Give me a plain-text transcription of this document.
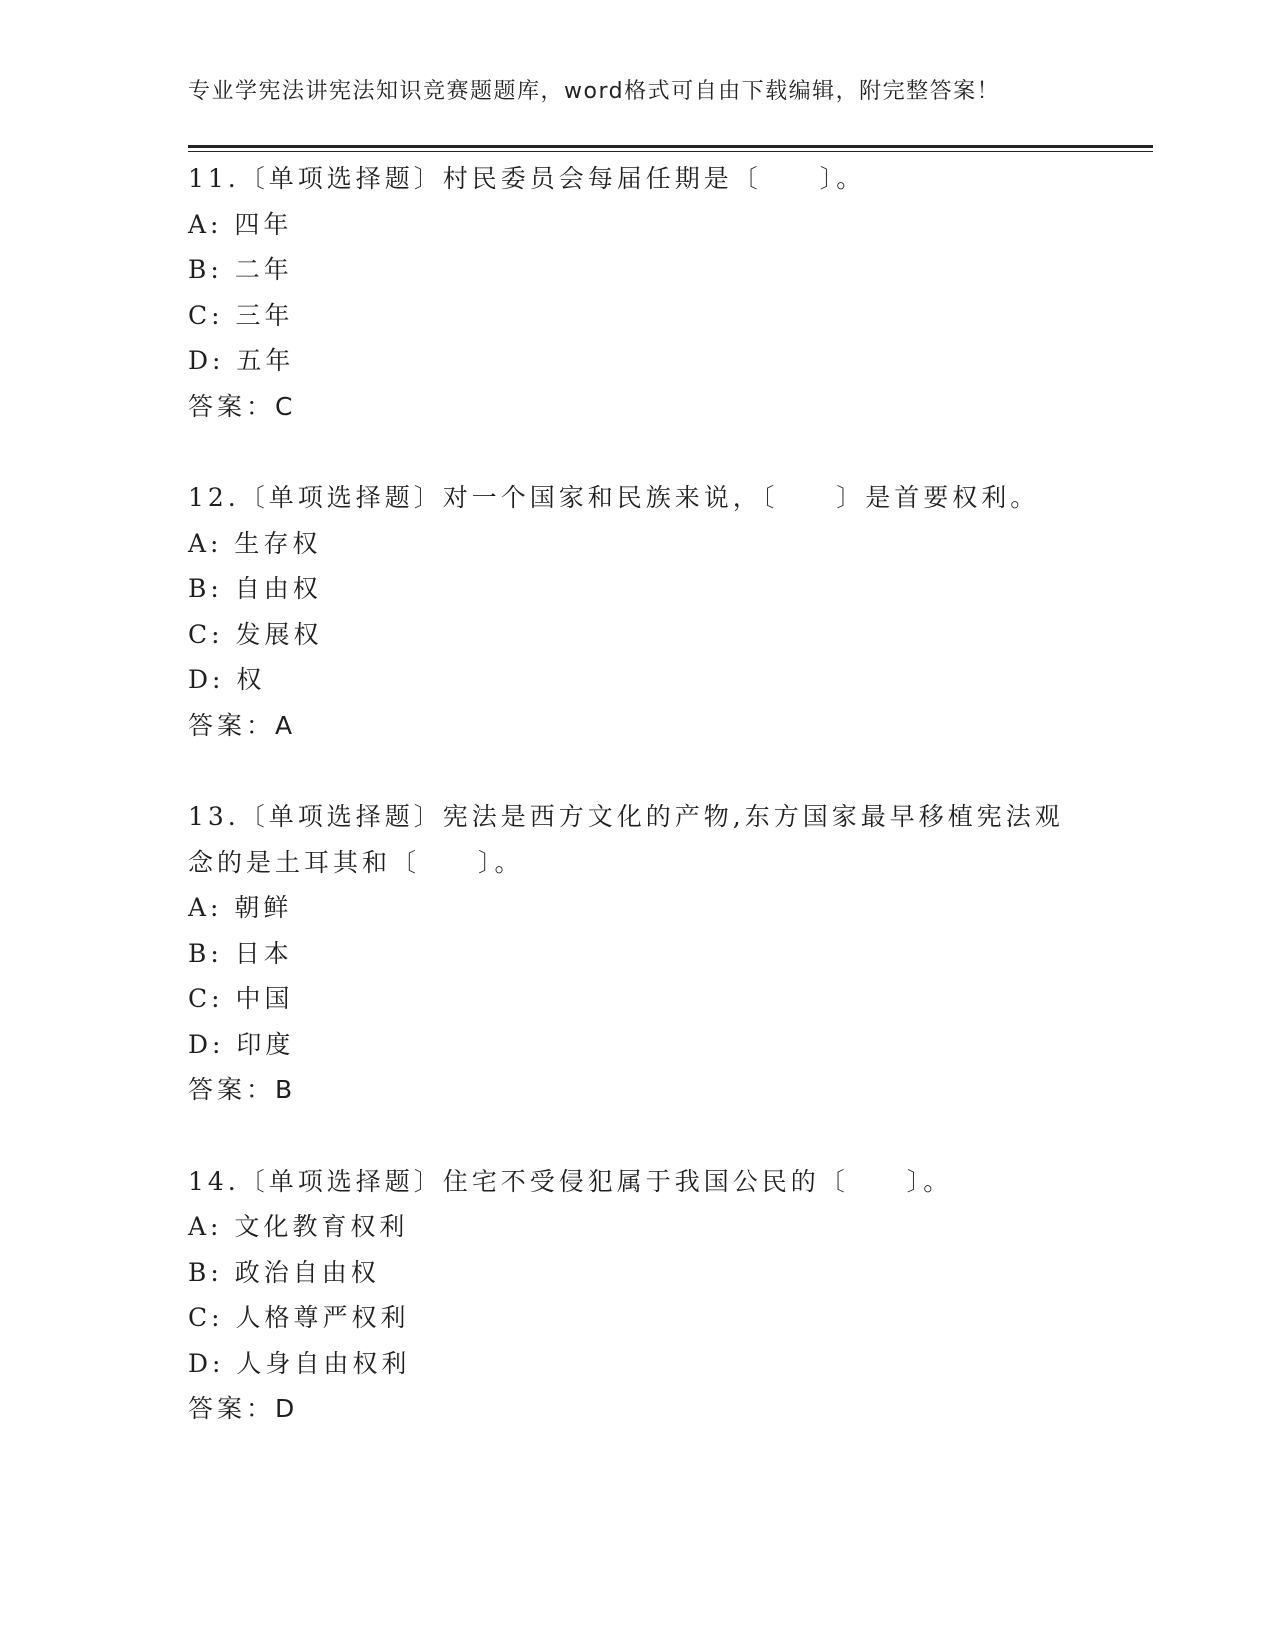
专业学宪法讲宪法知识竞赛题题库，word格式可自由下载编辑，附完整答案！
11.〔单项选择题〕村民委员会每届任期是〔　　〕。
A: 四年
B: 二年
C: 三年
D: 五年
答案：C
12.〔单项选择题〕对一个国家和民族来说，〔　　〕是首要权利。
A: 生存权
B: 自由权
C: 发展权
D: 权
答案：A
13.〔单项选择题〕宪法是西方文化的产物,东方国家最早移植宪法观念的是土耳其和〔　　〕。
A: 朝鲜
B: 日本
C: 中国
D: 印度
答案：B
14.〔单项选择题〕住宅不受侵犯属于我国公民的〔　　〕。
A: 文化教育权利
B: 政治自由权
C: 人格尊严权利
D: 人身自由权利
答案：D
